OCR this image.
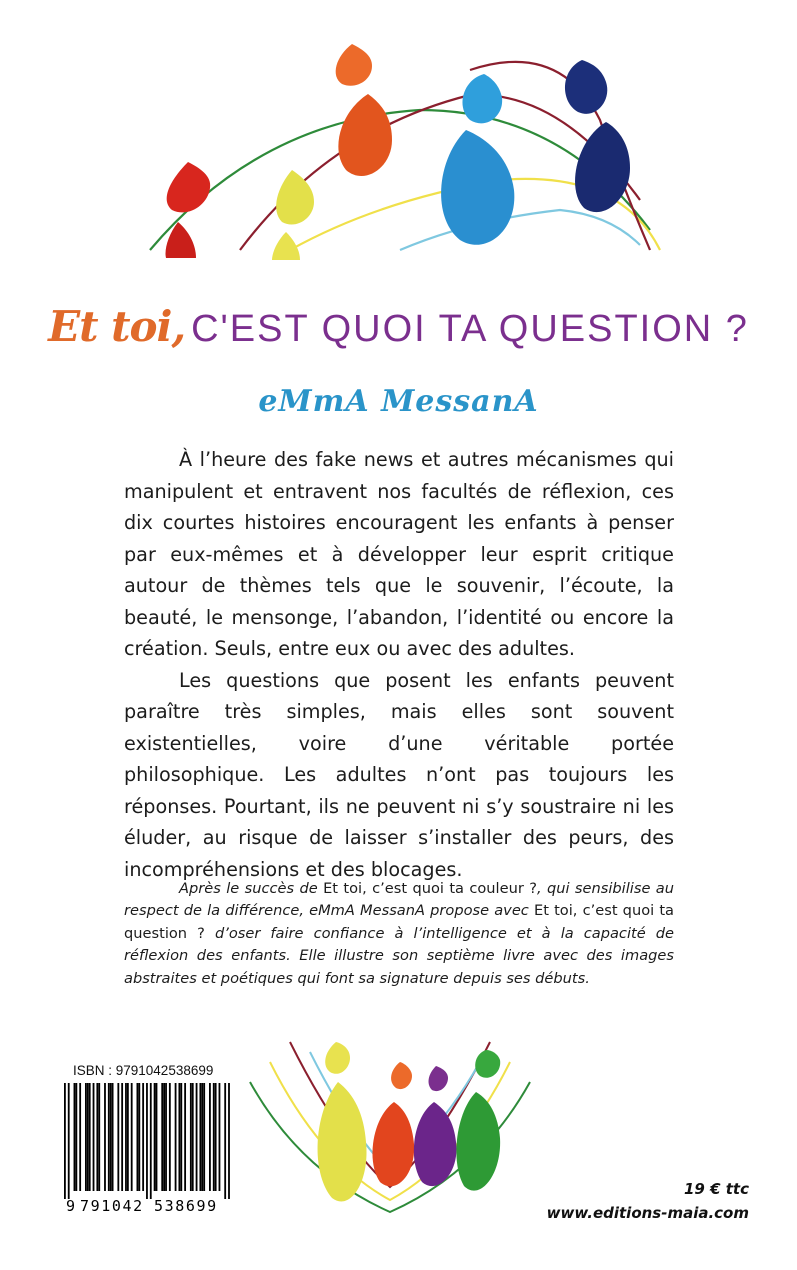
Et toi, C'EST QUOI TA QUESTION ?
eMmA MessanA

À l’heure des fake news et autres mécanismes qui manipulent et entravent nos facultés de réflexion, ces dix courtes histoires encouragent les enfants à penser par eux-mêmes et à développer leur esprit critique autour de thèmes tels que le souvenir, l’écoute, la beauté, le mensonge, l’abandon, l’identité ou encore la création. Seuls, entre eux ou avec des adultes.

Les questions que posent les enfants peuvent paraître très simples, mais elles sont souvent existentielles, voire d’une véritable portée philosophique. Les adultes n’ont pas toujours les réponses. Pourtant, ils ne peuvent ni s’y soustraire ni les éluder, au risque de laisser s’installer des peurs, des incompréhensions et des blocages.

Après le succès de Et toi, c’est quoi ta couleur ?, qui sensibilise au respect de la différence, eMmA MessanA propose avec Et toi, c’est quoi ta question ? d’oser faire confiance à l’intelligence et à la capacité de réflexion des enfants. Elle illustre son septième livre avec des images abstraites et poétiques qui font sa signature depuis ses débuts.
ISBN : 9791042538699
9 791042 538699
19 € ttc
www.editions-maia.com
